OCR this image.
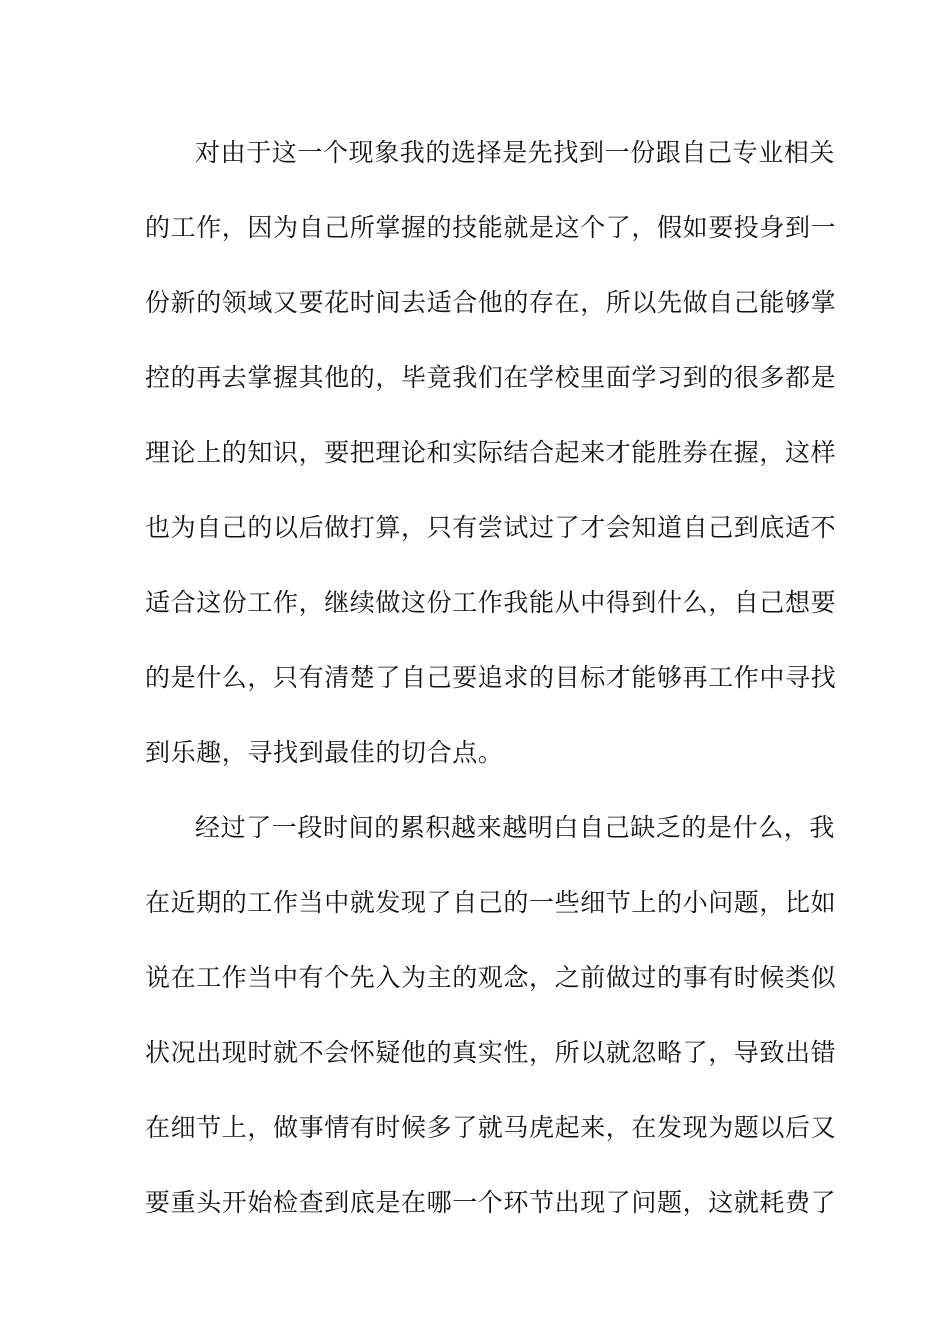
对由于这一个现象我的选择是先找到一份跟自己专业相关
的工作，因为自己所掌握的技能就是这个了，假如要投身到一
份新的领域又要花时间去适合他的存在，所以先做自己能够掌
控的再去掌握其他的，毕竟我们在学校里面学习到的很多都是
理论上的知识，要把理论和实际结合起来才能胜券在握，这样
也为自己的以后做打算，只有尝试过了才会知道自己到底适不
适合这份工作，继续做这份工作我能从中得到什么，自己想要
的是什么，只有清楚了自己要追求的目标才能够再工作中寻找
到乐趣，寻找到最佳的切合点。
经过了一段时间的累积越来越明白自己缺乏的是什么，我
在近期的工作当中就发现了自己的一些细节上的小问题，比如
说在工作当中有个先入为主的观念，之前做过的事有时候类似
状况出现时就不会怀疑他的真实性，所以就忽略了，导致出错
在细节上，做事情有时候多了就马虎起来，在发现为题以后又
要重头开始检查到底是在哪一个环节出现了问题，这就耗费了
